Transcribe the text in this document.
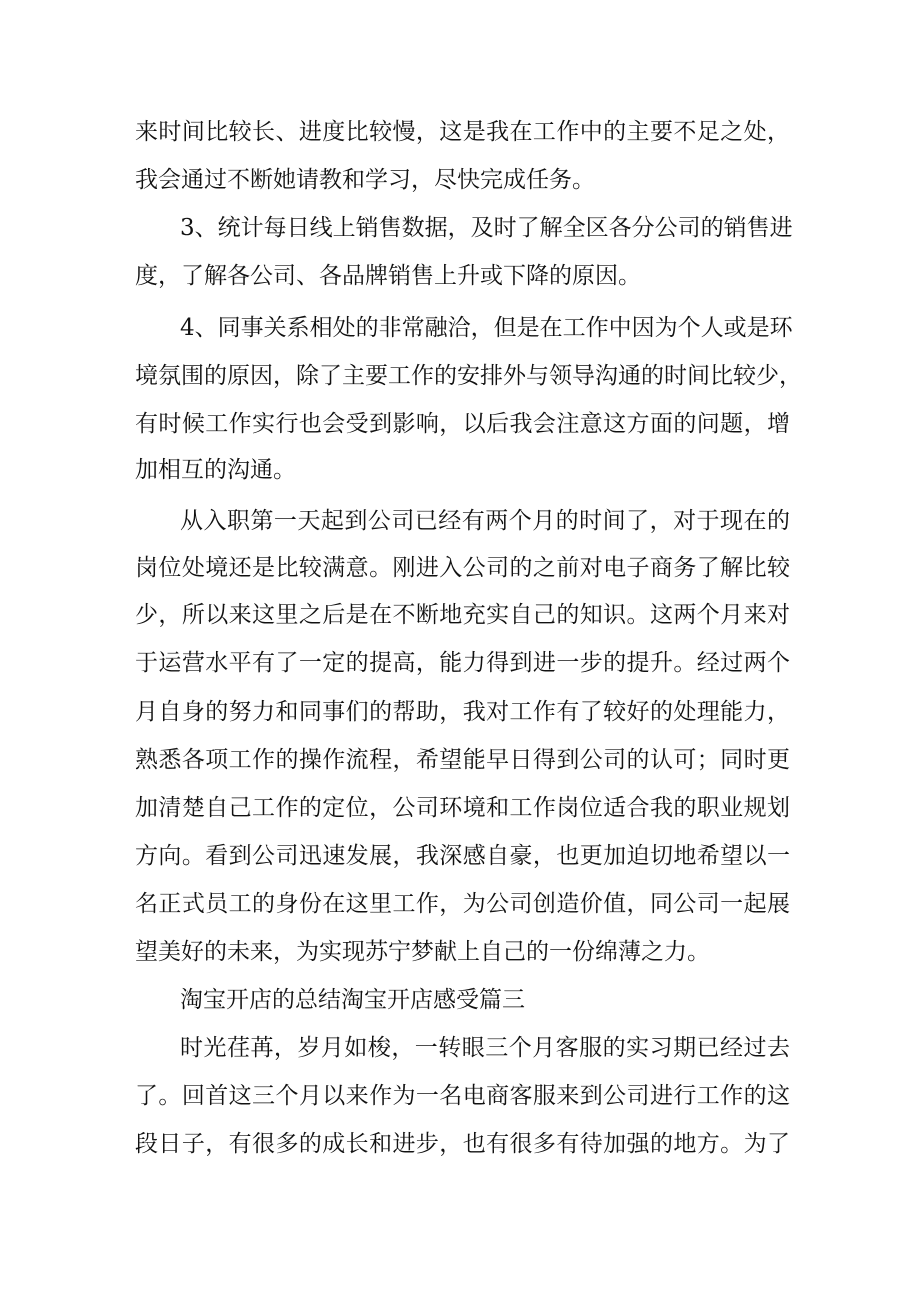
来时间比较长、进度比较慢，这是我在工作中的主要不足之处，
我会通过不断她请教和学习，尽快完成任务。
3、统计每日线上销售数据，及时了解全区各分公司的销售进
度，了解各公司、各品牌销售上升或下降的原因。
4、同事关系相处的非常融洽，但是在工作中因为个人或是环
境氛围的原因，除了主要工作的安排外与领导沟通的时间比较少，
有时候工作实行也会受到影响，以后我会注意这方面的问题，增
加相互的沟通。
从入职第一天起到公司已经有两个月的时间了，对于现在的
岗位处境还是比较满意。刚进入公司的之前对电子商务了解比较
少，所以来这里之后是在不断地充实自己的知识。这两个月来对
于运营水平有了一定的提高，能力得到进一步的提升。经过两个
月自身的努力和同事们的帮助，我对工作有了较好的处理能力，
熟悉各项工作的操作流程，希望能早日得到公司的认可；同时更
加清楚自己工作的定位，公司环境和工作岗位适合我的职业规划
方向。看到公司迅速发展，我深感自豪，也更加迫切地希望以一
名正式员工的身份在这里工作，为公司创造价值，同公司一起展
望美好的未来，为实现苏宁梦献上自己的一份绵薄之力。
淘宝开店的总结淘宝开店感受篇三
时光荏苒，岁月如梭，一转眼三个月客服的实习期已经过去
了。回首这三个月以来作为一名电商客服来到公司进行工作的这
段日子，有很多的成长和进步，也有很多有待加强的地方。为了
